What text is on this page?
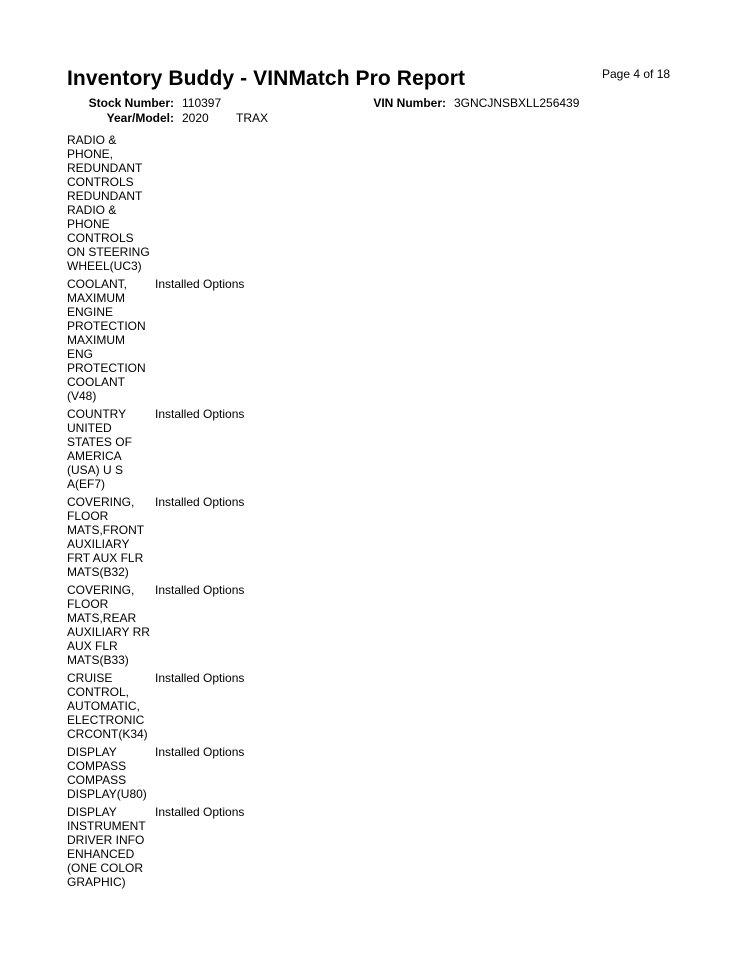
Inventory Buddy - VINMatch Pro Report	Page 4 of 18
Stock Number: 110397	VIN Number: 3GNCJNSBXLL256439
Year/Model: 2020 TRAX
RADIO &
PHONE,
REDUNDANT
CONTROLS
REDUNDANT
RADIO &
PHONE
CONTROLS
ON STEERING
WHEEL(UC3)
COOLANT,
MAXIMUM
ENGINE
PROTECTION
MAXIMUM
ENG
PROTECTION
COOLANT
(V48)
Installed Options
COUNTRY
UNITED
STATES OF
AMERICA
(USA) U S
A(EF7)
Installed Options
COVERING,
FLOOR
MATS,FRONT
AUXILIARY
FRT AUX FLR
MATS(B32)
Installed Options
COVERING,
FLOOR
MATS,REAR
AUXILIARY RR
AUX FLR
MATS(B33)
Installed Options
CRUISE
CONTROL,
AUTOMATIC,
ELECTRONIC
CRCONT(K34)
Installed Options
DISPLAY
COMPASS
COMPASS
DISPLAY(U80)
Installed Options
DISPLAY
INSTRUMENT
DRIVER INFO
ENHANCED
(ONE COLOR
GRAPHIC)
Installed Options
